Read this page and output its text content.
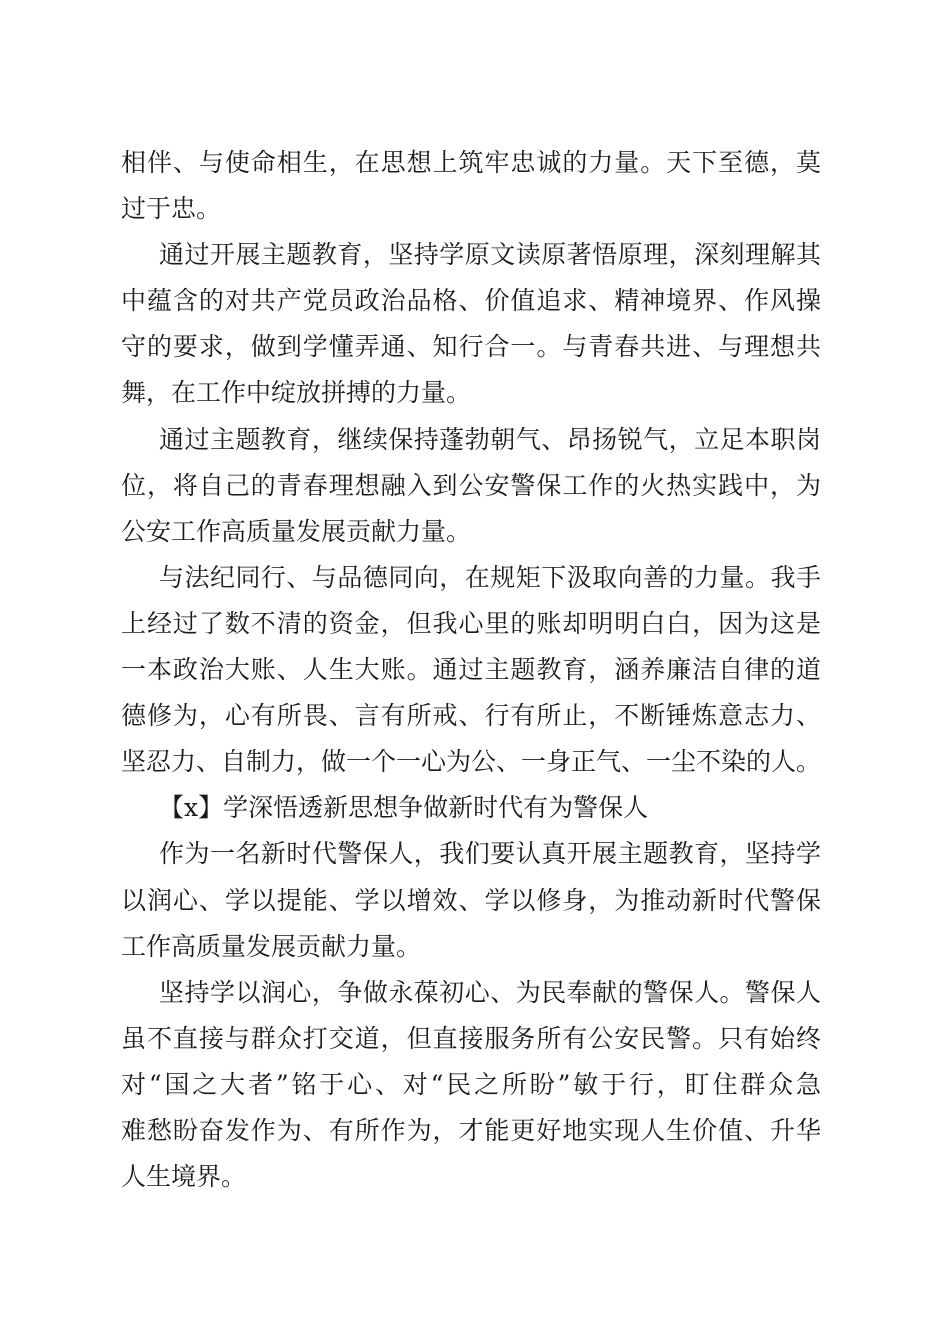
相伴、与使命相生，在思想上筑牢忠诚的力量。天下至德，莫
过于忠。
通过开展主题教育，坚持学原文读原著悟原理，深刻理解其
中蕴含的对共产党员政治品格、价值追求、精神境界、作风操
守的要求，做到学懂弄通、知行合一。与青春共进、与理想共
舞，在工作中绽放拼搏的力量。
通过主题教育，继续保持蓬勃朝气、昂扬锐气，立足本职岗
位，将自己的青春理想融入到公安警保工作的火热实践中，为
公安工作高质量发展贡献力量。
与法纪同行、与品德同向，在规矩下汲取向善的力量。我手
上经过了数不清的资金，但我心里的账却明明白白，因为这是
一本政治大账、人生大账。通过主题教育，涵养廉洁自律的道
德修为，心有所畏、言有所戒、行有所止，不断锤炼意志力、
坚忍力、自制力，做一个一心为公、一身正气、一尘不染的人。
【x】学深悟透新思想争做新时代有为警保人
作为一名新时代警保人，我们要认真开展主题教育，坚持学
以润心、学以提能、学以增效、学以修身，为推动新时代警保
工作高质量发展贡献力量。
坚持学以润心，争做永葆初心、为民奉献的警保人。警保人
虽不直接与群众打交道，但直接服务所有公安民警。只有始终
对“国之大者”铭于心、对“民之所盼”敏于行，盯住群众急
难愁盼奋发作为、有所作为，才能更好地实现人生价值、升华
人生境界。
